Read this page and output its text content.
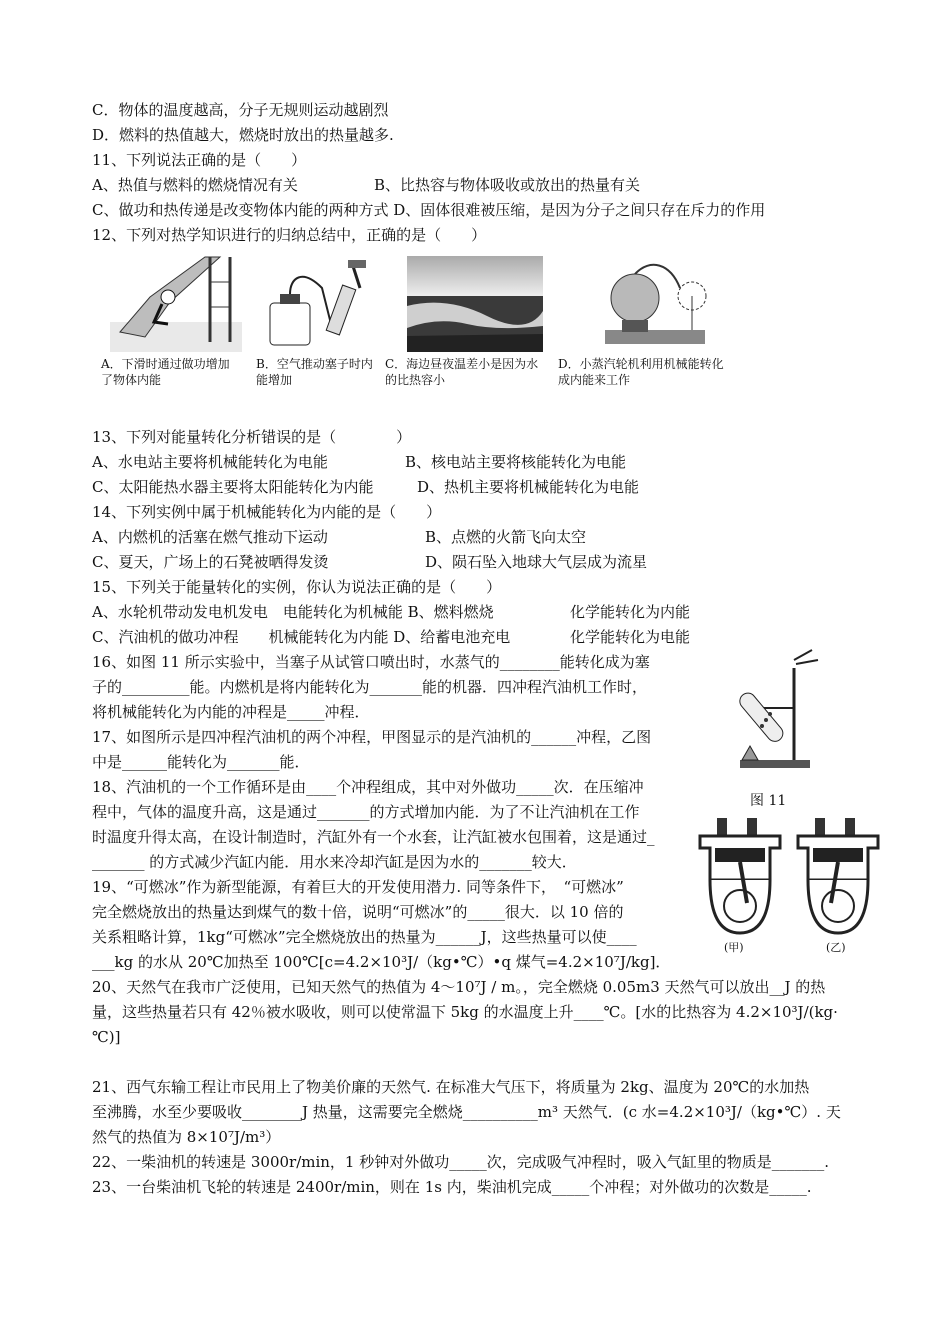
C．物体的温度越高，分子无规则运动越剧烈
D．燃料的热值越大，燃烧时放出的热量越多.
11、下列说法正确的是（　　）
A、热值与燃料的燃烧情况有关	B、比热容与物体吸收或放出的热量有关
C、做功和热传递是改变物体内能的两种方式 D、固体很难被压缩，是因为分子之间只存在斥力的作用
12、下列对热学知识进行的归纳总结中，正确的是（　　）
A．下滑时通过做功增加了物体内能
B．空气推动塞子时内能增加
C．海边昼夜温差小是因为水的比热容小
D．小蒸汽轮机利用机械能转化成内能来工作
13、下列对能量转化分析错误的是（　　　　）
A、水电站主要将机械能转化为电能	B、核电站主要将核能转化为电能
C、太阳能热水器主要将太阳能转化为内能	D、热机主要将机械能转化为电能
14、下列实例中属于机械能转化为内能的是（　　）
A、内燃机的活塞在燃气推动下运动	B、点燃的火箭飞向太空
C、夏天，广场上的石凳被晒得发烫	D、陨石坠入地球大气层成为流星
15、下列关于能量转化的实例，你认为说法正确的是（　　）
A、水轮机带动发电机发电　电能转化为机械能 B、燃料燃烧	化学能转化为内能
C、汽油机的做功冲程　　机械能转化为内能 D、给蓄电池充电	化学能转化为电能
16、如图 11 所示实验中，当塞子从试管口喷出时，水蒸气的________能转化成为塞
子的_________能。内燃机是将内能转化为_______能的机器．四冲程汽油机工作时，
将机械能转化为内能的冲程是_____冲程．
17、如图所示是四冲程汽油机的两个冲程，甲图显示的是汽油机的______冲程，乙图
中是______能转化为_______能．
18、汽油机的一个工作循环是由____个冲程组成，其中对外做功_____次．在压缩冲
程中，气体的温度升高，这是通过_______的方式增加内能．为了不让汽油机在工作
时温度升得太高，在设计制造时，汽缸外有一个水套，让汽缸被水包围着，这是通过_
_______ 的方式减少汽缸内能．用水来冷却汽缸是因为水的_______较大．
19、“可燃冰”作为新型能源，有着巨大的开发使用潜力. 同等条件下，　“可燃冰”
完全燃烧放出的热量达到煤气的数十倍，说明“可燃冰”的_____很大．以 10 倍的
关系粗略计算，1kg“可燃冰”完全燃烧放出的热量为______J，这些热量可以使____
___kg 的水从 20℃加热至 100℃[c=4.2×10³J/（kg•℃）•q 煤气=4.2×10⁷J/kg]．
20、天然气在我市广泛使用，已知天然气的热值为 4～10⁷J / m。，完全燃烧 0.05m3 天然气可以放出__J 的热
量，这些热量若只有 42％被水吸收，则可以使常温下 5kg 的水温度上升____℃。[水的比热容为 4.2×10³J/(kg·
℃)]
21、西气东输工程让市民用上了物美价廉的天然气. 在标准大气压下，将质量为 2kg、温度为 20℃的水加热
至沸腾，水至少要吸收________J 热量，这需要完全燃烧__________m³ 天然气．(c 水=4.2×10³J/（kg•℃）. 天
然气的热值为 8×10⁷J/m³）
22、一柴油机的转速是 3000r/min，1 秒钟对外做功_____次，完成吸气冲程时，吸入气缸里的物质是_______.
23、一台柴油机飞轮的转速是 2400r/min，则在 1s 内，柴油机完成_____个冲程；对外做功的次数是_____.
图 11
(甲)	(乙)
